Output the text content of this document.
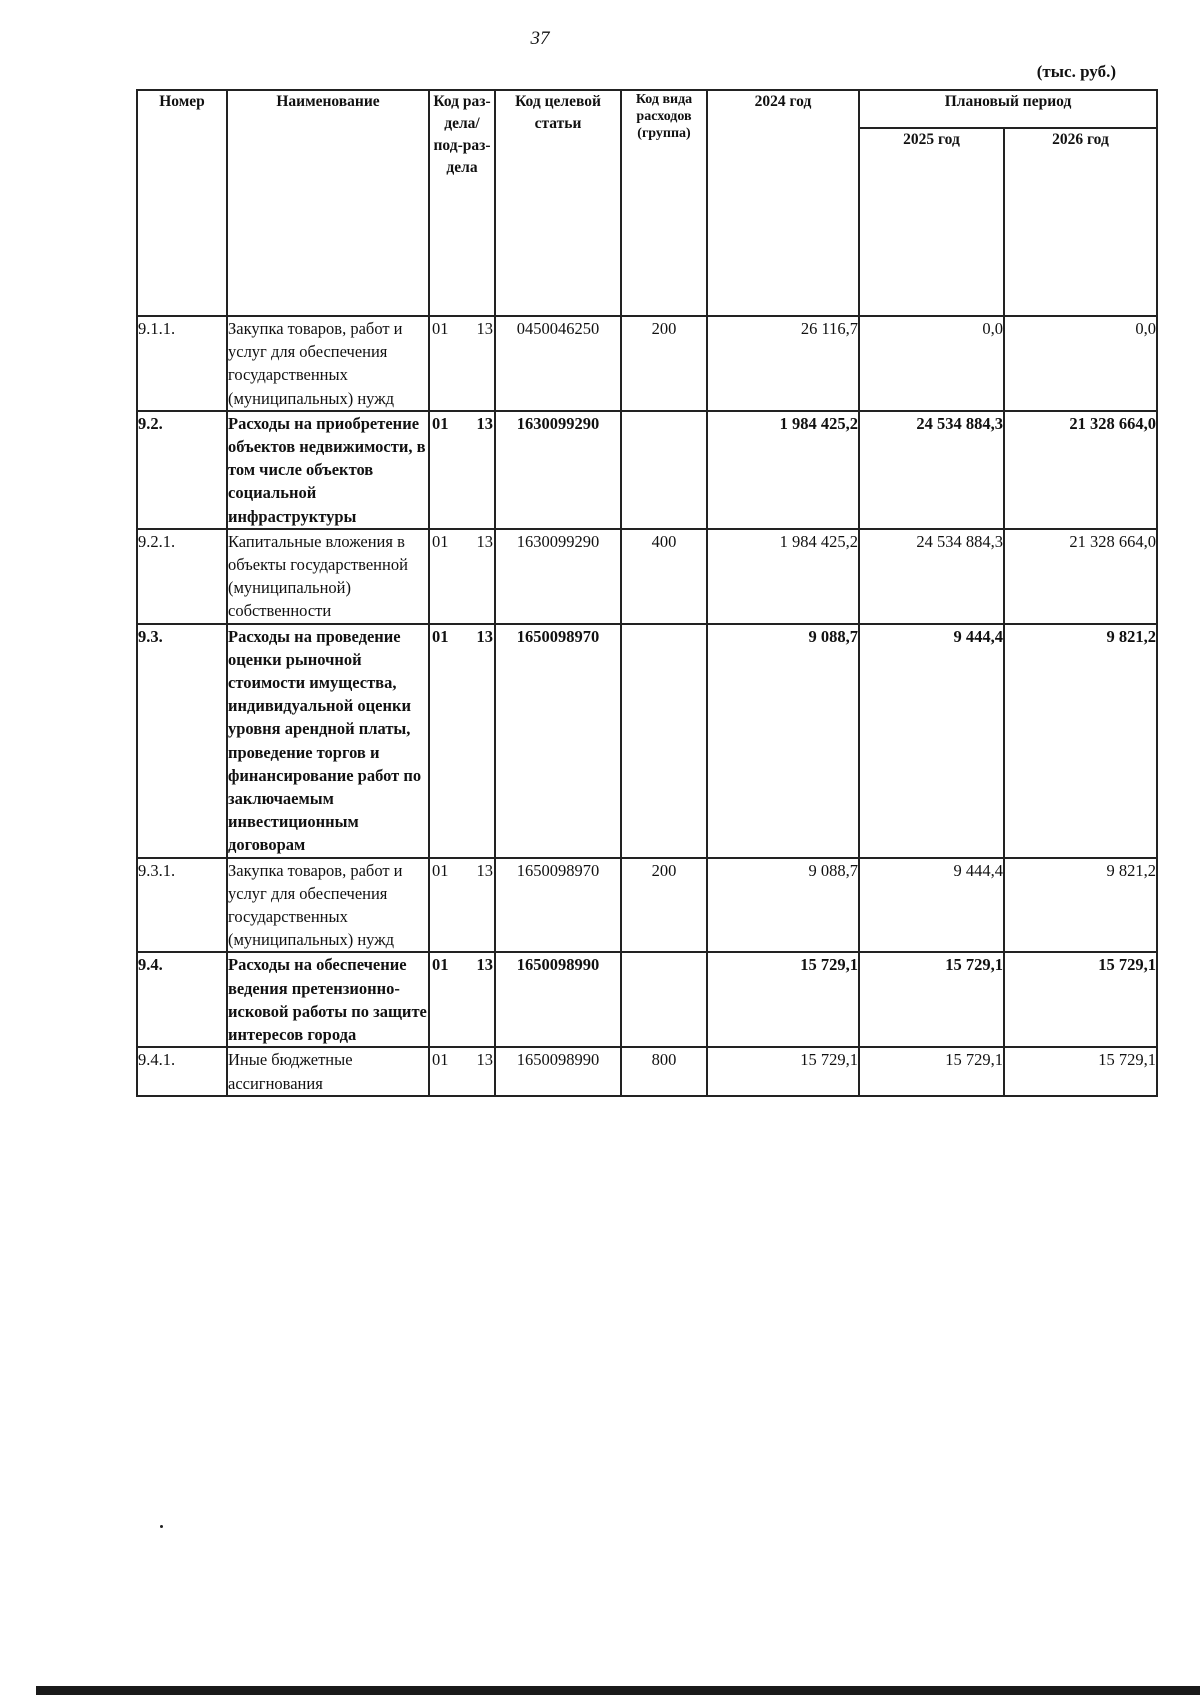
37
(тыс. руб.)
Номер	Наименование	Код раз-дела/ под-раз-дела	Код целевой статьи	Код вида расходов (группа)	2024 год	Плановый период	
						2025 год	2026 год
9.1.1.	Закупка товаров, работ и услуг для обеспечения государственных (муниципальных) нужд	01 13	0450046250	200	26 116,7	0,0	0,0
9.2.	Расходы на приобретение объектов недвижимости, в том числе объектов социальной инфраструктуры	01 13	1630099290		1 984 425,2	24 534 884,3	21 328 664,0
9.2.1.	Капитальные вложения в объекты государственной (муниципальной) собственности	01 13	1630099290	400	1 984 425,2	24 534 884,3	21 328 664,0
9.3.	Расходы на проведение оценки рыночной стоимости имущества, индивидуальной оценки уровня арендной платы, проведение торгов и финансирование работ по заключаемым инвестиционным договорам	01 13	1650098970		9 088,7	9 444,4	9 821,2
9.3.1.	Закупка товаров, работ и услуг для обеспечения государственных (муниципальных) нужд	01 13	1650098970	200	9 088,7	9 444,4	9 821,2
9.4.	Расходы на обеспечение ведения претензионно-исковой работы по защите интересов города	01 13	1650098990		15 729,1	15 729,1	15 729,1
9.4.1.	Иные бюджетные ассигнования	01 13	1650098990	800	15 729,1	15 729,1	15 729,1
